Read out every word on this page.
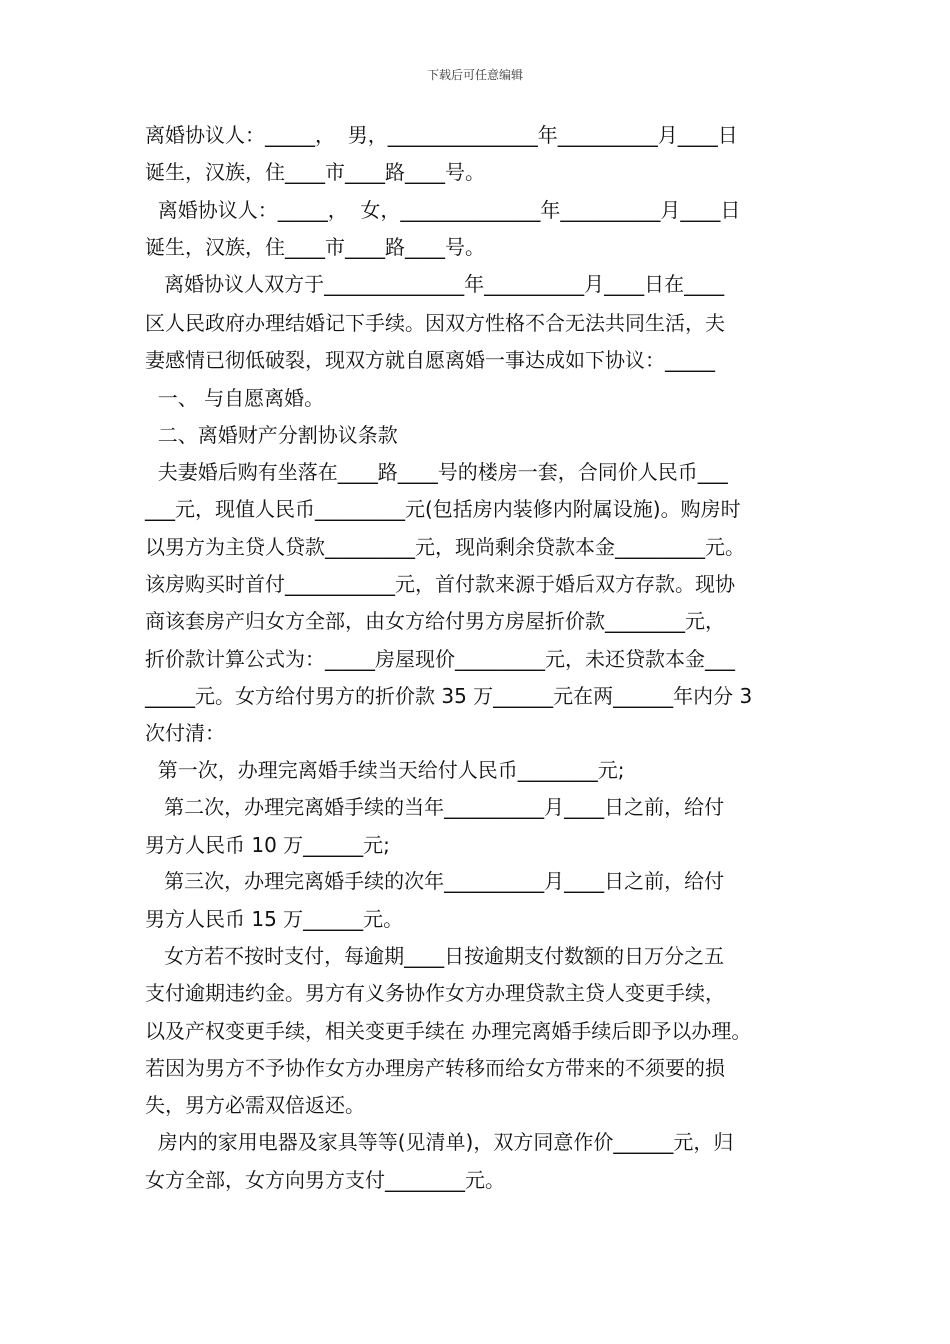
下载后可任意编辑
离婚协议人：_____，  男，_______________年__________月____日
诞生，汉族，住____市____路____号。
离婚协议人：_____，  女，______________年__________月____日
诞生，汉族，住____市____路____号。
离婚协议人双方于______________年__________月____日在____
区人民政府办理结婚记下手续。因双方性格不合无法共同生活，夫
妻感情已彻低破裂，现双方就自愿离婚一事达成如下协议：_____
一、 与自愿离婚。
二、离婚财产分割协议条款
夫妻婚后购有坐落在____路____号的楼房一套，合同价人民币___
___元，现值人民币_________元(包括房内装修内附属设施)。购房时
以男方为主贷人贷款_________元，现尚剩余贷款本金_________元。
该房购买时首付___________元，首付款来源于婚后双方存款。现协
商该套房产归女方全部，由女方给付男方房屋折价款________元，
折价款计算公式为：_____房屋现价_________元，未还贷款本金___
_____元。女方给付男方的折价款 35 万______元在两______年内分 3
次付清：
第一次，办理完离婚手续当天给付人民币________元;
第二次，办理完离婚手续的当年__________月____日之前，给付
男方人民币 10 万______元;
第三次，办理完离婚手续的次年__________月____日之前，给付
男方人民币 15 万______元。
女方若不按时支付，每逾期____日按逾期支付数额的日万分之五
支付逾期违约金。男方有义务协作女方办理贷款主贷人变更手续，
以及产权变更手续，相关变更手续在 办理完离婚手续后即予以办理。
若因为男方不予协作女方办理房产转移而给女方带来的不须要的损
失，男方必需双倍返还。
房内的家用电器及家具等等(见清单)，双方同意作价______元，归
女方全部，女方向男方支付________元。
